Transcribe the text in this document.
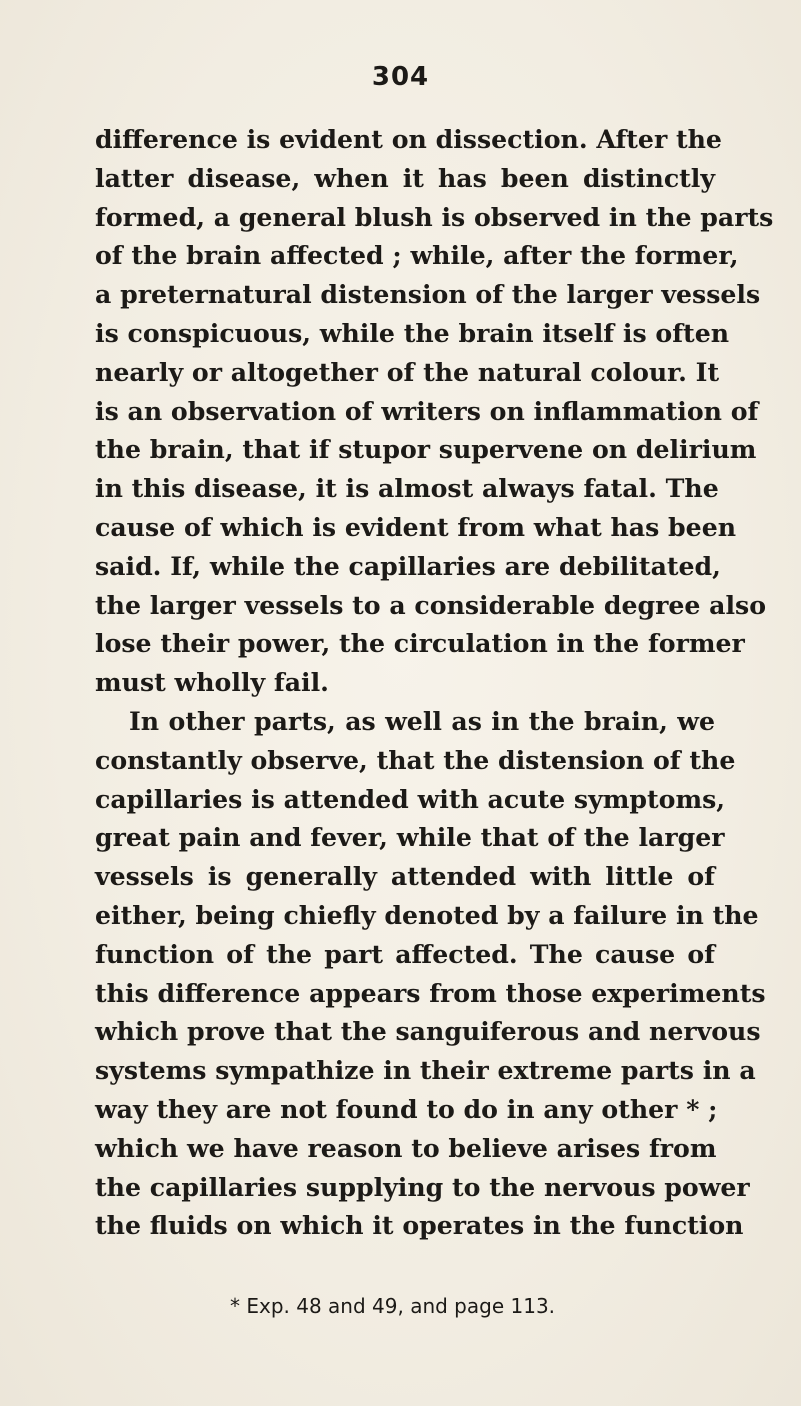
304
difference is evident on dissection. After the
latter disease, when it has been distinctly
formed, a general blush is observed in the parts
of the brain affected ; while, after the former,
a preternatural distension of the larger vessels
is conspicuous, while the brain itself is often
nearly or altogether of the natural colour. It
is an observation of writers on inflammation of
the brain, that if stupor supervene on delirium
in this disease, it is almost always fatal. The
cause of which is evident from what has been
said. If, while the capillaries are debilitated,
the larger vessels to a considerable degree also
lose their power, the circulation in the former
must wholly fail.
In other parts, as well as in the brain, we
constantly observe, that the distension of the
capillaries is attended with acute symptoms,
great pain and fever, while that of the larger
vessels is generally attended with little of
either, being chiefly denoted by a failure in the
function of the part affected. The cause of
this difference appears from those experiments
which prove that the sanguiferous and nervous
systems sympathize in their extreme parts in a
way they are not found to do in any other * ;
which we have reason to believe arises from
the capillaries supplying to the nervous power
the fluids on which it operates in the function
* Exp. 48 and 49, and page 113.
